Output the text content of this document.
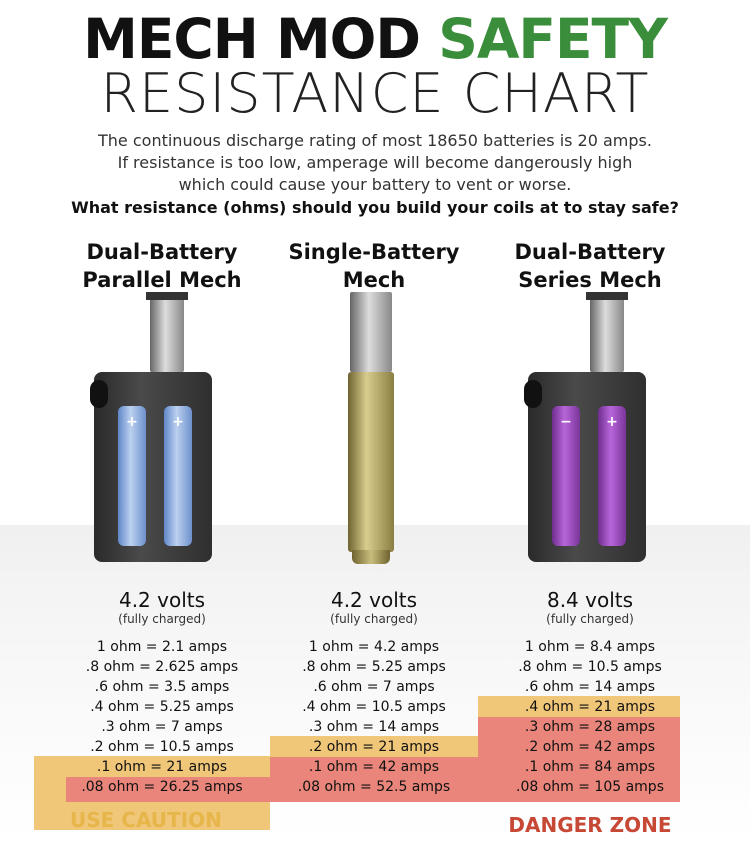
MECH MOD SAFETY
RESISTANCE CHART
The continuous discharge rating of most 18650 batteries is 20 amps.
If resistance is too low, amperage will become dangerously high
which could cause your battery to vent or worse.
What resistance (ohms) should you build your coils at to stay safe?
Dual-Battery
Parallel Mech
Single-Battery
Mech
Dual-Battery
Series Mech
+ +	− +
4.2 volts
(fully charged)
1 ohm = 2.1 amps
.8 ohm = 2.625 amps
.6 ohm = 3.5 amps
.4 ohm = 5.25 amps
.3 ohm = 7 amps
.2 ohm = 10.5 amps
.1 ohm = 21 amps
.08 ohm = 26.25 amps
4.2 volts
(fully charged)
1 ohm = 4.2 amps
.8 ohm = 5.25 amps
.6 ohm = 7 amps
.4 ohm = 10.5 amps
.3 ohm = 14 amps
.2 ohm = 21 amps
.1 ohm = 42 amps
.08 ohm = 52.5 amps
8.4 volts
(fully charged)
1 ohm = 8.4 amps
.8 ohm = 10.5 amps
.6 ohm = 14 amps
.4 ohm = 21 amps
.3 ohm = 28 amps
.2 ohm = 42 amps
.1 ohm = 84 amps
.08 ohm = 105 amps
USE CAUTION	DANGER ZONE
